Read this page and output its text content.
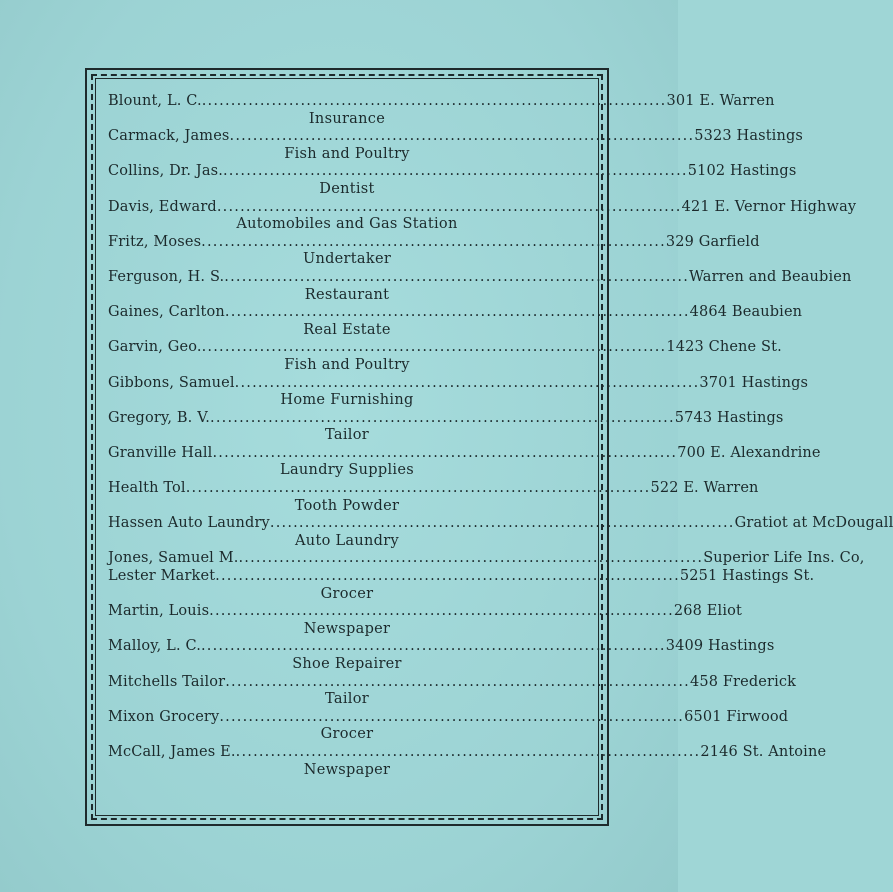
Blount, L. C. ................................................................................ 301 E. Warren
Insurance
Carmack, James ................................................................................ 5323 Hastings
Fish and Poultry
Collins, Dr. Jas. ................................................................................ 5102 Hastings
Dentist
Davis, Edward ................................................................................ 421 E. Vernor Highway
Automobiles and Gas Station
Fritz, Moses ................................................................................ 329 Garfield
Undertaker
Ferguson, H. S. ................................................................................ Warren and Beaubien
Restaurant
Gaines, Carlton ................................................................................ 4864 Beaubien
Real Estate
Garvin, Geo. ................................................................................ 1423 Chene St.
Fish and Poultry
Gibbons, Samuel ................................................................................ 3701 Hastings
Home Furnishing
Gregory, B. V. ................................................................................ 5743 Hastings
Tailor
Granville Hall ................................................................................ 700 E. Alexandrine
Laundry Supplies
Health Tol ................................................................................ 522 E. Warren
Tooth Powder
Hassen Auto Laundry ................................................................................ Gratiot at McDougall
Auto Laundry
Jones, Samuel M. ................................................................................ Superior Life Ins. Co,
Lester Market ................................................................................ 5251 Hastings St.
Grocer
Martin, Louis ................................................................................ 268 Eliot
Newspaper
Malloy, L. C. ................................................................................ 3409 Hastings
Shoe Repairer
Mitchells Tailor ................................................................................ 458 Frederick
Tailor
Mixon Grocery ................................................................................ 6501 Firwood
Grocer
McCall, James E. ................................................................................ 2146 St. Antoine
Newspaper
